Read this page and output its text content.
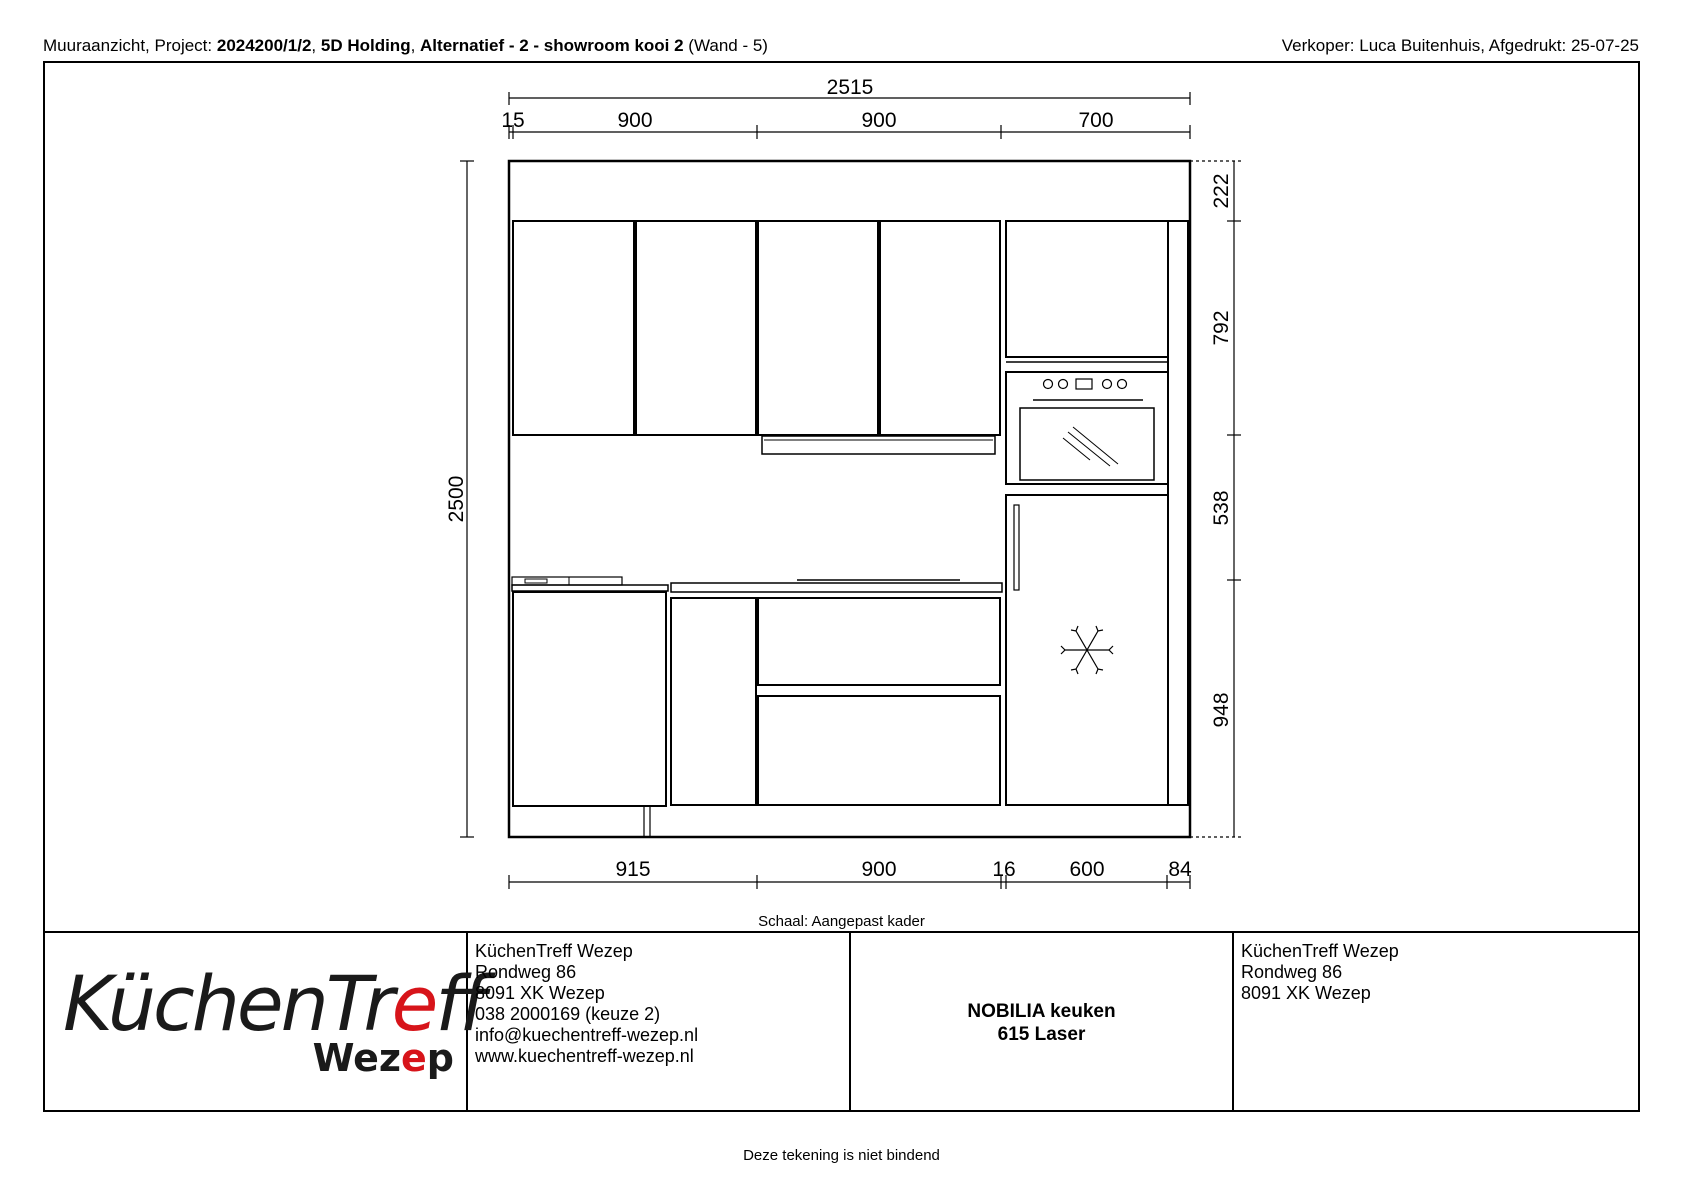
Muuraanzicht, Project: 2024200/1/2, 5D Holding, Alternatief - 2 - showroom kooi 2 (Wand - 5)	Verkoper: Luca Buitenhuis, Afgedrukt: 25-07-25
2515
15	900	900	700
915	900	16	600	84
2500
222
792
538
948
Schaal: Aangepast kader
KüchenTreff
Wezep
KüchenTreff Wezep
Rondweg 86
8091 XK Wezep
038 2000169 (keuze 2)
info@kuechentreff-wezep.nl
www.kuechentreff-wezep.nl
NOBILIA keuken
615 Laser
KüchenTreff Wezep
Rondweg 86
8091 XK Wezep
Deze tekening is niet bindend
